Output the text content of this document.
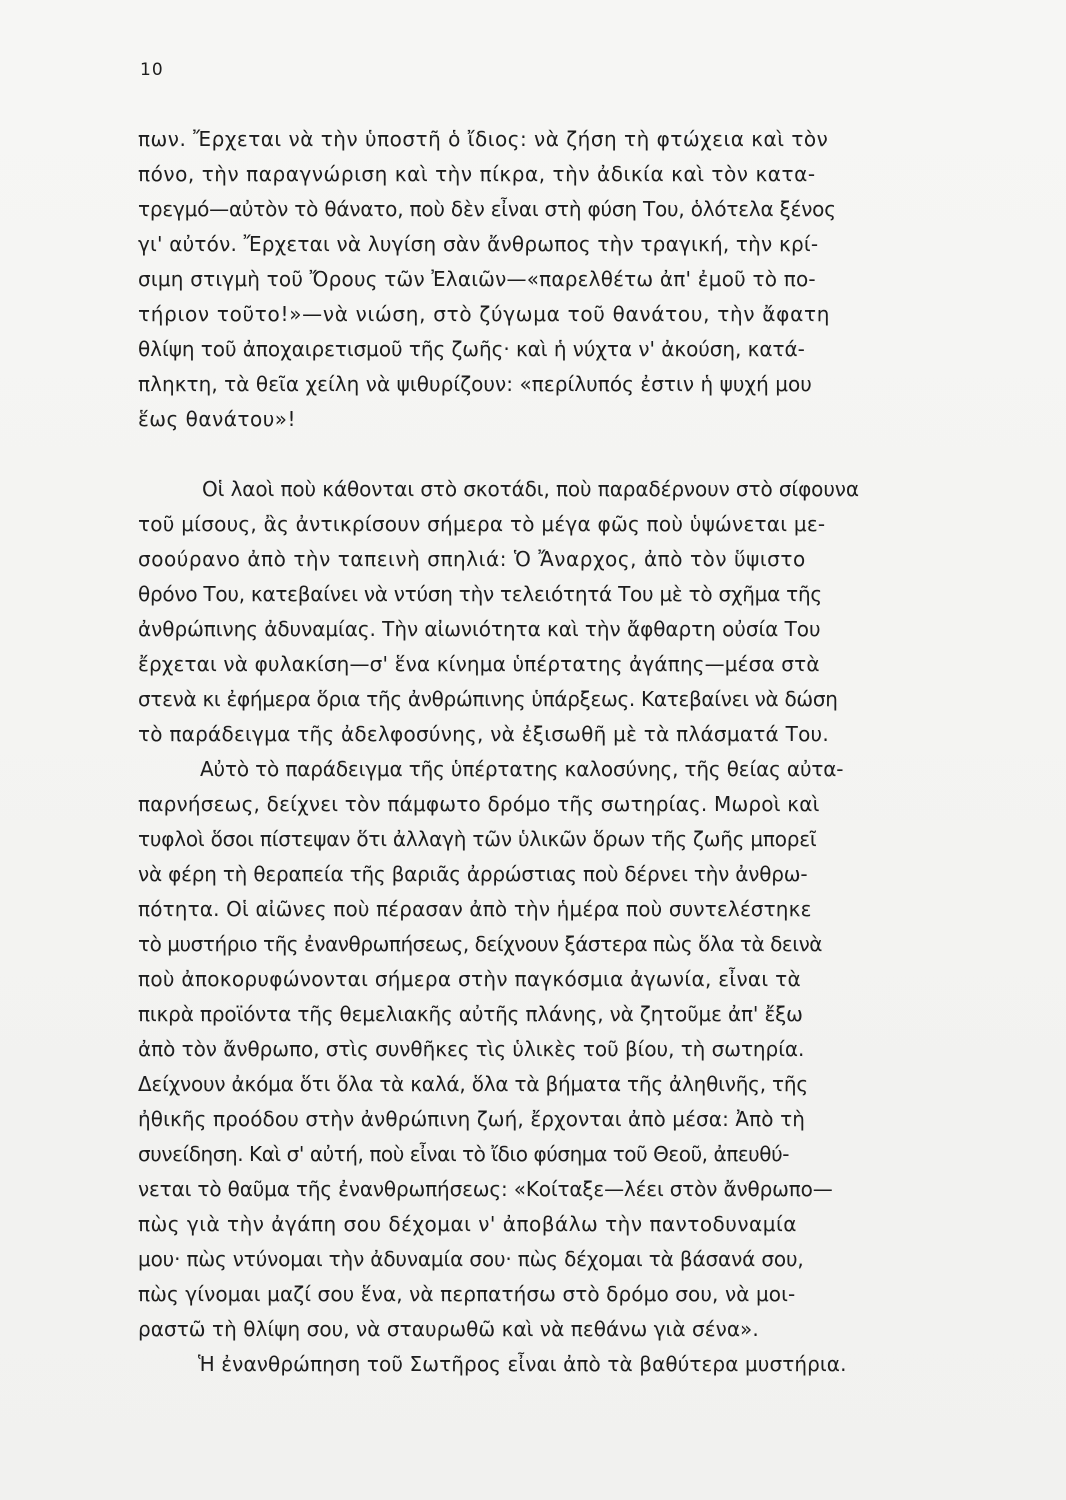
10
πων. Ἔρχεται νὰ τὴν ὑποστῆ ὁ ἴδιος: νὰ ζήση τὴ φτώχεια καὶ τὸν
πόνο, τὴν παραγνώριση καὶ τὴν πίκρα, τὴν ἀδικία καὶ τὸν κατα-
τρεγμό—αὐτὸν τὸ θάνατο, ποὺ δὲν εἶναι στὴ φύση Του, ὁλότελα ξένος
γι' αὐτόν. Ἔρχεται νὰ λυγίση σὰν ἄνθρωπος τὴν τραγική, τὴν κρί-
σιμη στιγμὴ τοῦ Ὄρους τῶν Ἐλαιῶν—«παρελθέτω ἀπ' ἐμοῦ τὸ πο-
τήριον τοῦτο!»—νὰ νιώση, στὸ ζύγωμα τοῦ θανάτου, τὴν ἄφατη
θλίψη τοῦ ἀποχαιρετισμοῦ τῆς ζωῆς· καὶ ἡ νύχτα ν' ἀκούση, κατά-
πληκτη, τὰ θεῖα χείλη νὰ ψιθυρίζουν: «περίλυπός ἐστιν ἡ ψυχή μου
ἕως θανάτου»!
Οἱ λαοὶ ποὺ κάθονται στὸ σκοτάδι, ποὺ παραδέρνουν στὸ σίφουνα
τοῦ μίσους, ἂς ἀντικρίσουν σήμερα τὸ μέγα φῶς ποὺ ὑψώνεται με-
σοούρανο ἀπὸ τὴν ταπεινὴ σπηλιά: Ὁ Ἄναρχος, ἀπὸ τὸν ὕψιστο
θρόνο Του, κατεβαίνει νὰ ντύση τὴν τελειότητά Του μὲ τὸ σχῆμα τῆς
ἀνθρώπινης ἀδυναμίας. Τὴν αἰωνιότητα καὶ τὴν ἄφθαρτη οὐσία Του
ἔρχεται νὰ φυλακίση—σ' ἕνα κίνημα ὑπέρτατης ἀγάπης—μέσα στὰ
στενὰ κι ἐφήμερα ὅρια τῆς ἀνθρώπινης ὑπάρξεως. Κατεβαίνει νὰ δώση
τὸ παράδειγμα τῆς ἀδελφοσύνης, νὰ ἐξισωθῆ μὲ τὰ πλάσματά Του.
Αὐτὸ τὸ παράδειγμα τῆς ὑπέρτατης καλοσύνης, τῆς θείας αὐτα-
παρνήσεως, δείχνει τὸν πάμφωτο δρόμο τῆς σωτηρίας. Μωροὶ καὶ
τυφλοὶ ὅσοι πίστεψαν ὅτι ἀλλαγὴ τῶν ὑλικῶν ὅρων τῆς ζωῆς μπορεῖ
νὰ φέρη τὴ θεραπεία τῆς βαριᾶς ἀρρώστιας ποὺ δέρνει τὴν ἀνθρω-
πότητα. Οἱ αἰῶνες ποὺ πέρασαν ἀπὸ τὴν ἡμέρα ποὺ συντελέστηκε
τὸ μυστήριο τῆς ἐνανθρωπήσεως, δείχνουν ξάστερα πὼς ὅλα τὰ δεινὰ
ποὺ ἀποκορυφώνονται σήμερα στὴν παγκόσμια ἀγωνία, εἶναι τὰ
πικρὰ προϊόντα τῆς θεμελιακῆς αὐτῆς πλάνης, νὰ ζητοῦμε ἀπ' ἔξω
ἀπὸ τὸν ἄνθρωπο, στὶς συνθῆκες τὶς ὑλικὲς τοῦ βίου, τὴ σωτηρία.
Δείχνουν ἀκόμα ὅτι ὅλα τὰ καλά, ὅλα τὰ βήματα τῆς ἀληθινῆς, τῆς
ἠθικῆς προόδου στὴν ἀνθρώπινη ζωή, ἔρχονται ἀπὸ μέσα: Ἀπὸ τὴ
συνείδηση. Καὶ σ' αὐτή, ποὺ εἶναι τὸ ἴδιο φύσημα τοῦ Θεοῦ, ἀπευθύ-
νεται τὸ θαῦμα τῆς ἐνανθρωπήσεως: «Κοίταξε—λέει στὸν ἄνθρωπο—
πὼς γιὰ τὴν ἀγάπη σου δέχομαι ν' ἀποβάλω τὴν παντοδυναμία
μου· πὼς ντύνομαι τὴν ἀδυναμία σου· πὼς δέχομαι τὰ βάσανά σου,
πὼς γίνομαι μαζί σου ἕνα, νὰ περπατήσω στὸ δρόμο σου, νὰ μοι-
ραστῶ τὴ θλίψη σου, νὰ σταυρωθῶ καὶ νὰ πεθάνω γιὰ σένα».
Ἡ ἐνανθρώπηση τοῦ Σωτῆρος εἶναι ἀπὸ τὰ βαθύτερα μυστήρια.
